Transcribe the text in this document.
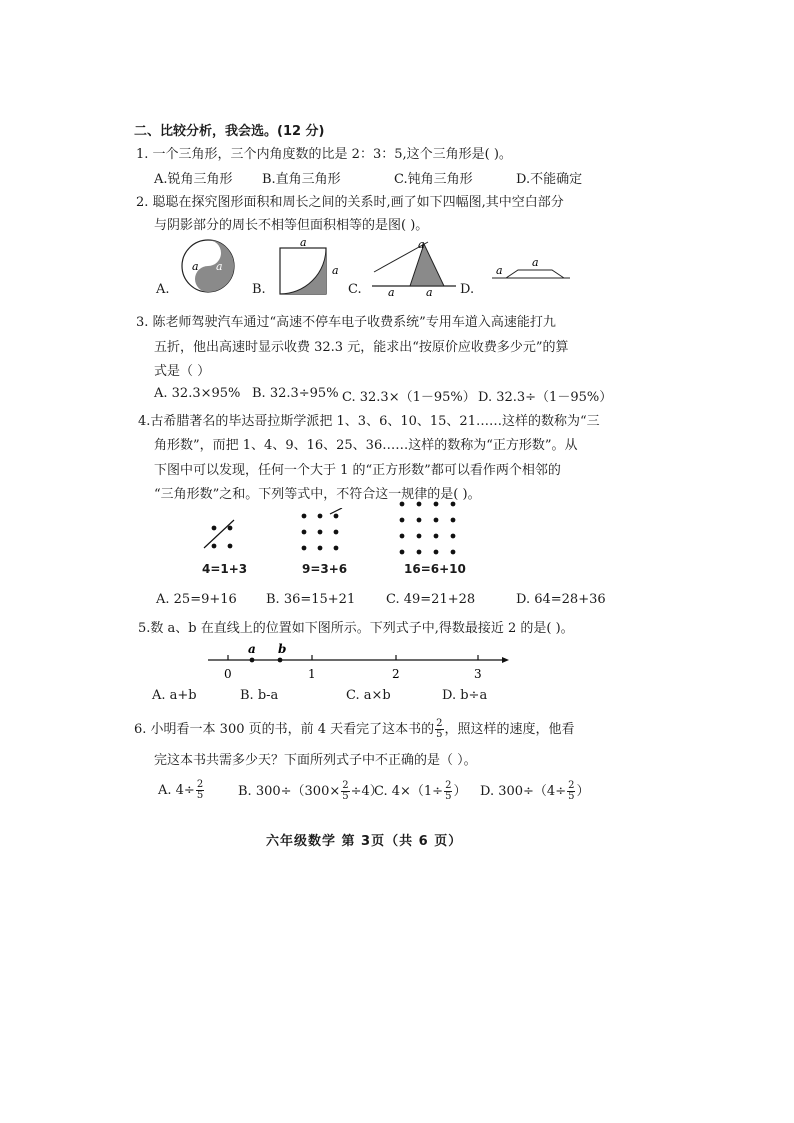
二、比较分析，我会选。(12 分)
1. 一个三角形，三个内角度数的比是 2：3：5,这个三角形是( )。
A.锐角三角形 B.直角三角形	C.钝角三角形	D.不能确定
2. 聪聪在探究图形面积和周长之间的关系时,画了如下四幅图,其中空白部分
与阴影部分的周长不相等但面积相等的是图( )。
A.	B.	C.	D.
a a
a
a
a
a	a
a
a
3. 陈老师驾驶汽车通过“高速不停车电子收费系统”专用车道入高速能打九
五折，他出高速时显示收费 32.3 元，能求出“按原价应收费多少元”的算
式是（ ）
A. 32.3×95% B. 32.3÷95% C. 32.3×（1－95%） D. 32.3÷（1－95%）
4.古希腊著名的毕达哥拉斯学派把 1、3、6、10、15、21……这样的数称为“三
角形数”，而把 1、4、9、16、25、36……这样的数称为“正方形数”。从
下图中可以发现，任何一个大于 1 的“正方形数”都可以看作两个相邻的
“三角形数”之和。下列等式中，不符合这一规律的是( )。
4=1+3	9=3+6	16=6+10
A. 25=9+16 B. 36=15+21 C. 49=21+28	D. 64=28+36
5.数 a、b 在直线上的位置如下图所示。下列式子中,得数最接近 2 的是( )。
a b
0	1	2	3
A. a+b	B. b-a	C. a×b	D. b÷a
6. 小明看一本 300 页的书，前 4 天看完了这本书的 $\frac{2}{5}$ ，照这样的速度，他看
完这本书共需多少天？下面所列式子中不正确的是（ ）。
A. $4\div \frac{2}{5}$	B. $300\div(300\times \frac{2}{5} \div 4)$
C. $4\times(1\div \frac{2}{5}$ ） D. $300\div(4\div \frac{2}{5}$ ）
六年级数学 第 3页（共 6 页）
